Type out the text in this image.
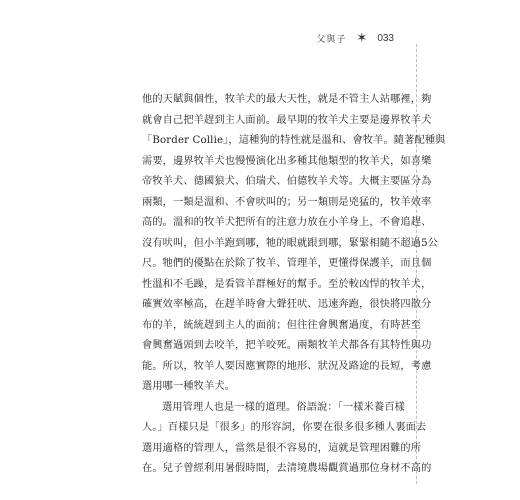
父與子 ✶ 033
他的天賦與個性，牧羊犬的最大天性，就是不管主人站哪裡，夠
就會自己把羊趕到主人面前。最早期的牧羊犬主要是邊界牧羊犬
「Border Collie」，這種狗的特性就是溫和、會牧羊。隨著配種與
需要，邊界牧羊犬也慢慢演化出多種其他類型的牧羊犬，如喜樂
帝牧羊犬、德國狼犬、伯瑞犬、伯德牧羊犬等。大概主要區分為
兩類，一類是溫和、不會吠叫的；另一類則是兇猛的，牧羊效率
高的。溫和的牧羊犬把所有的注意力放在小羊身上，不會追趕、
沒有吠叫，但小羊跑到哪，牠的眼就跟到哪，緊緊相隨不超過5公
尺。牠們的優點在於除了牧羊、管理羊，更懂得保護羊，而且個
性溫和不毛躁，是看管羊群極好的幫手。至於較凶悍的牧羊犬，
確實效率極高，在趕羊時會大聲狂吠、迅速奔跑，很快將四散分
布的羊，統統趕到主人的面前；但往往會興奮過度，有時甚至
會興奮過頭到去咬羊，把羊咬死。兩類牧羊犬都各有其特性與功
能。所以，牧羊人要因應實際的地形、狀況及路途的長短，考慮
選用哪一種牧羊犬。
選用管理人也是一樣的道理。俗語說：「一樣米養百樣
人。」百樣只是「很多」的形容詞，你要在很多很多種人裏面去
選用適格的管理人，當然是很不容易的，這就是管理困難的所
在。兒子曾經利用暑假時間，去清境農場觀賞過那位身材不高的
